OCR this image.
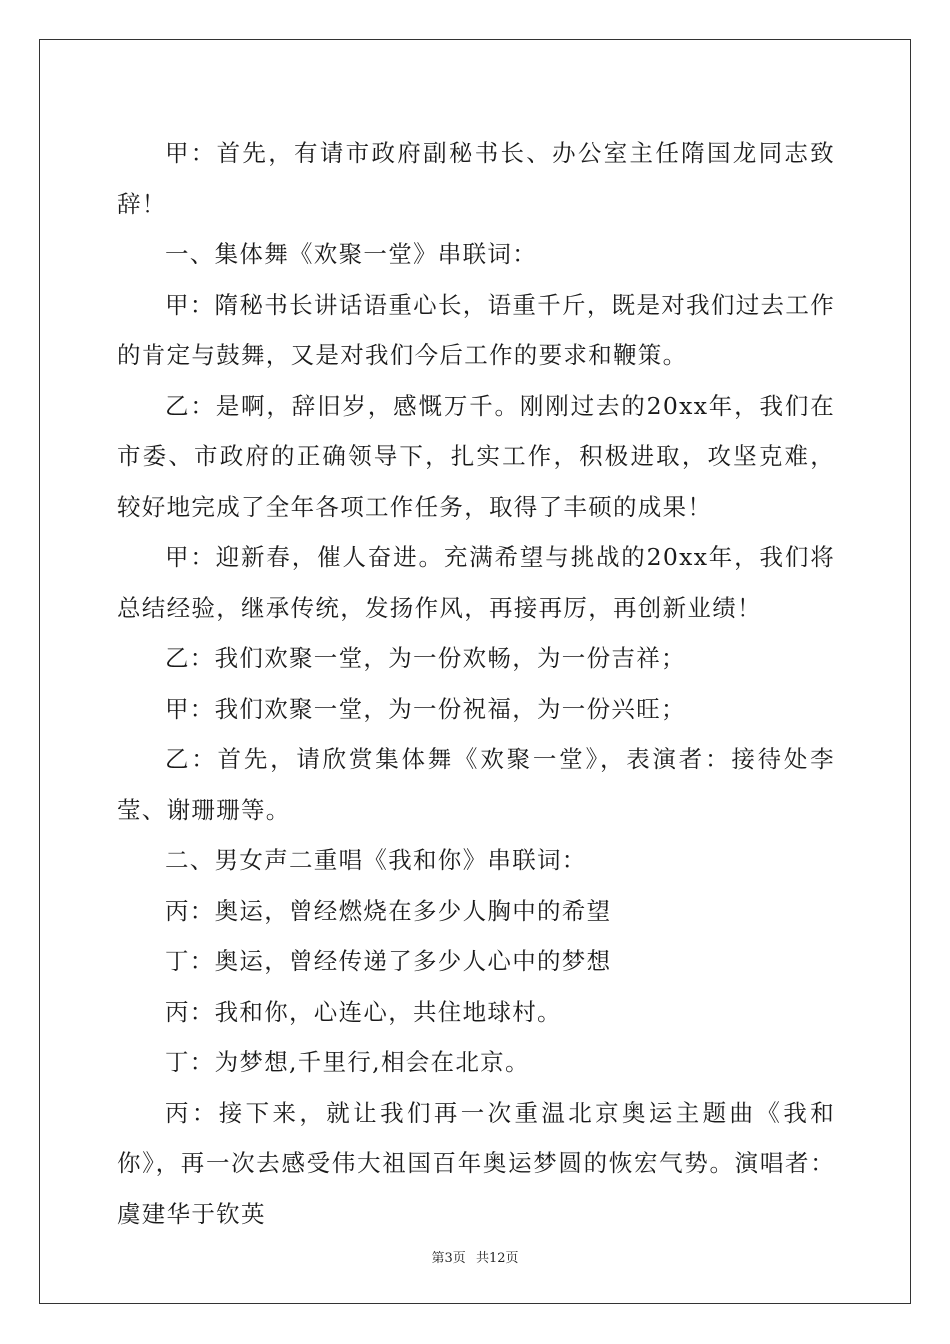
甲：首先，有请市政府副秘书长、办公室主任隋国龙同志致辞！

一、集体舞《欢聚一堂》串联词：

甲：隋秘书长讲话语重心长，语重千斤，既是对我们过去工作的肯定与鼓舞，又是对我们今后工作的要求和鞭策。

乙：是啊，辞旧岁，感慨万千。刚刚过去的20xx年，我们在市委、市政府的正确领导下，扎实工作，积极进取，攻坚克难，较好地完成了全年各项工作任务，取得了丰硕的成果！

甲：迎新春，催人奋进。充满希望与挑战的20xx年，我们将总结经验，继承传统，发扬作风，再接再厉，再创新业绩！

乙：我们欢聚一堂，为一份欢畅，为一份吉祥；

甲：我们欢聚一堂，为一份祝福，为一份兴旺；

乙：首先，请欣赏集体舞《欢聚一堂》，表演者：接待处李莹、谢珊珊等。

二、男女声二重唱《我和你》串联词：

丙：奥运，曾经燃烧在多少人胸中的希望

丁：奥运，曾经传递了多少人心中的梦想

丙：我和你，心连心，共住地球村。

丁：为梦想,千里行,相会在北京。

丙：接下来，就让我们再一次重温北京奥运主题曲《我和你》，再一次去感受伟大祖国百年奥运梦圆的恢宏气势。演唱者：虞建华于钦英

第3页 共12页
